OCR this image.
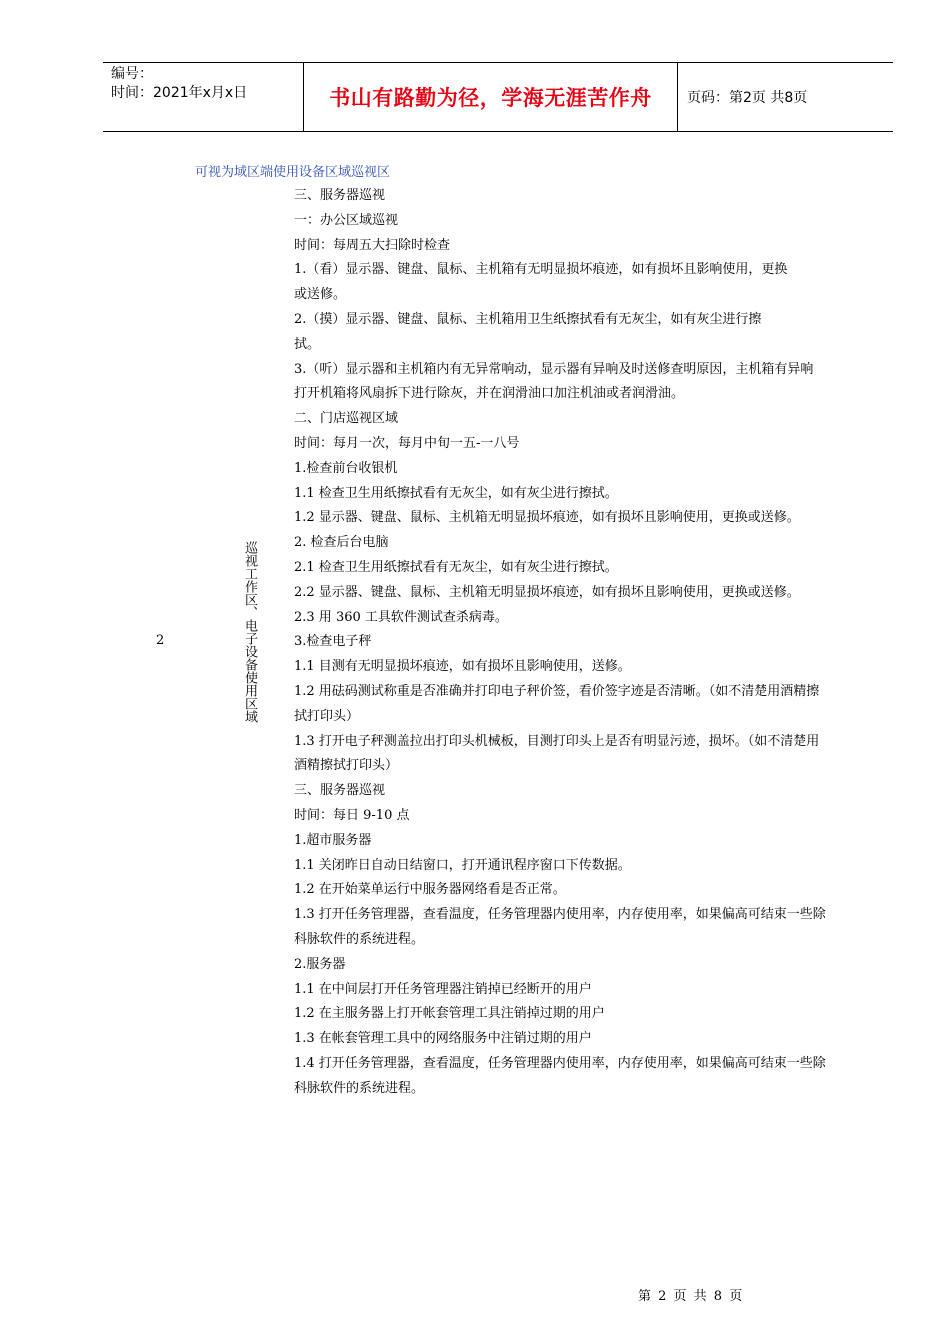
编号：
时间：2021年x月x日	书山有路勤为径，学海无涯苦作舟	页码：第2页 共8页
可视为域区端使用设备区域巡视区
2	巡视工作区、电子设备使用区域
三、服务器巡视
一：办公区域巡视
时间：每周五大扫除时检查
1.（看）显示器、键盘、鼠标、主机箱有无明显损坏痕迹，如有损坏且影响使用，更换
或送修。
2.（摸）显示器、键盘、鼠标、主机箱用卫生纸擦拭看有无灰尘，如有灰尘进行擦
拭。
3.（听）显示器和主机箱内有无异常响动，显示器有异响及时送修查明原因，主机箱有异响
打开机箱将风扇拆下进行除灰，并在润滑油口加注机油或者润滑油。
二、门店巡视区域
时间：每月一次，每月中旬一五-一八号
1.检查前台收银机
1.1 检查卫生用纸擦拭看有无灰尘，如有灰尘进行擦拭。
1.2 显示器、键盘、鼠标、主机箱无明显损坏痕迹，如有损坏且影响使用，更换或送修。
2. 检查后台电脑
2.1 检查卫生用纸擦拭看有无灰尘，如有灰尘进行擦拭。
2.2 显示器、键盘、鼠标、主机箱无明显损坏痕迹，如有损坏且影响使用，更换或送修。
2.3 用 360 工具软件测试查杀病毒。
3.检查电子秤
1.1 目测有无明显损坏痕迹，如有损坏且影响使用，送修。
1.2 用砝码测试称重是否准确并打印电子秤价签，看价签字迹是否清晰。（如不清楚用酒精擦
拭打印头）
1.3 打开电子秤测盖拉出打印头机械板，目测打印头上是否有明显污迹，损坏。（如不清楚用
酒精擦拭打印头）
三、服务器巡视
时间：每日 9-10 点
1.超市服务器
1.1 关闭昨日自动日结窗口，打开通讯程序窗口下传数据。
1.2 在开始菜单运行中服务器网络看是否正常。
1.3 打开任务管理器，查看温度，任务管理器内使用率，内存使用率，如果偏高可结束一些除
科脉软件的系统进程。
2.服务器
1.1 在中间层打开任务管理器注销掉已经断开的用户
1.2 在主服务器上打开帐套管理工具注销掉过期的用户
1.3 在帐套管理工具中的网络服务中注销过期的用户
1.4 打开任务管理器，查看温度，任务管理器内使用率，内存使用率，如果偏高可结束一些除
科脉软件的系统进程。
第 2 页 共 8 页
